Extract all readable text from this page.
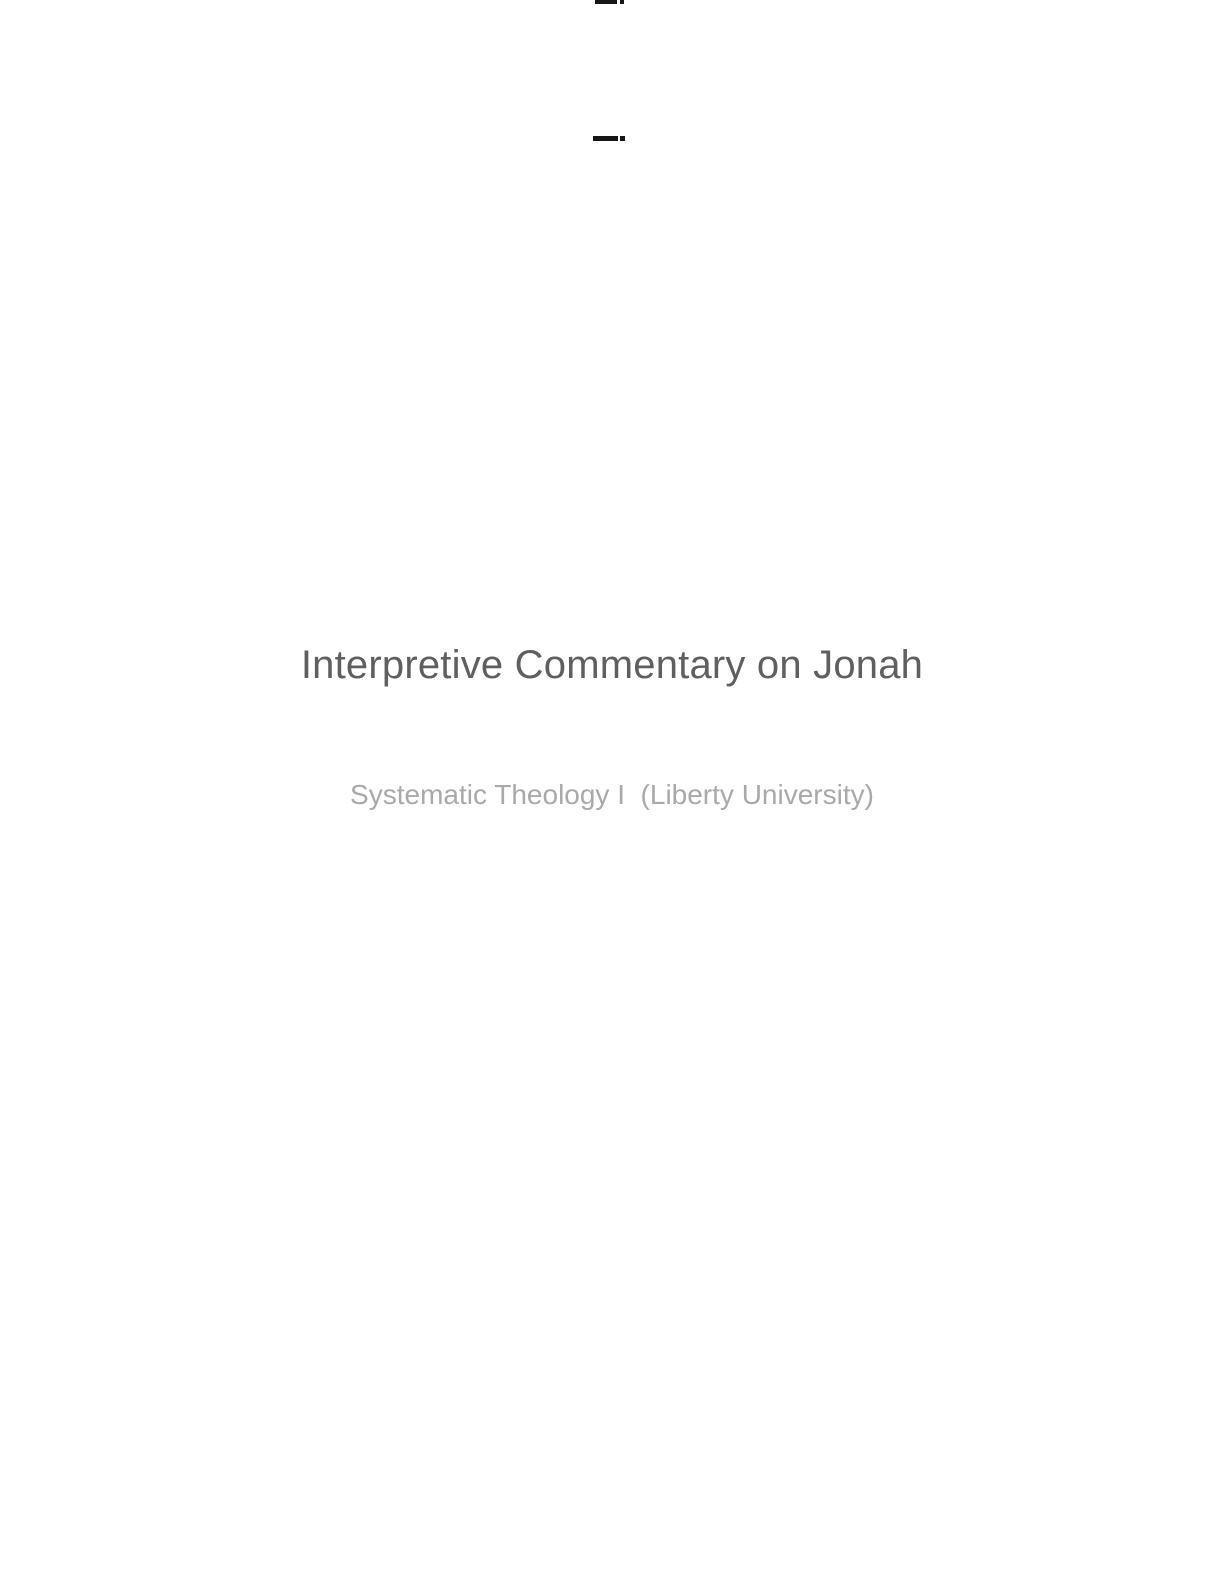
Interpretive Commentary on Jonah
Systematic Theology I  (Liberty University)
